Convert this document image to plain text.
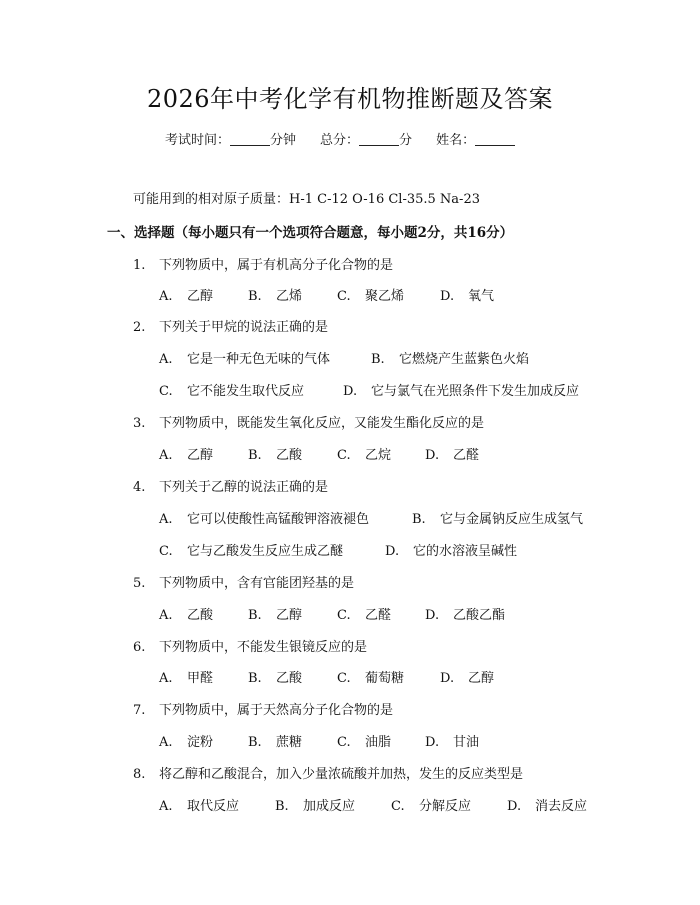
2026年中考化学有机物推断题及答案
考试时间：	分钟 总分：	分 姓名：
可能用到的相对原子质量：H-1 C-12 O-16 Cl-35.5 Na-23
一、选择题（每小题只有一个选项符合题意，每小题2分，共16分）
1. 下列物质中，属于有机高分子化合物的是
A. 乙醇	B. 乙烯	C. 聚乙烯	D. 氧气
2. 下列关于甲烷的说法正确的是
A. 它是一种无色无味的气体	B. 它燃烧产生蓝紫色火焰
C. 它不能发生取代反应	D. 它与氯气在光照条件下发生加成反应
3. 下列物质中，既能发生氧化反应，又能发生酯化反应的是
A. 乙醇	B. 乙酸	C. 乙烷	D. 乙醛
4. 下列关于乙醇的说法正确的是
A. 它可以使酸性高锰酸钾溶液褪色	B. 它与金属钠反应生成氢气
C. 它与乙酸发生反应生成乙醚	D. 它的水溶液呈碱性
5. 下列物质中，含有官能团羟基的是
A. 乙酸	B. 乙醇	C. 乙醛	D. 乙酸乙酯
6. 下列物质中，不能发生银镜反应的是
A. 甲醛	B. 乙酸	C. 葡萄糖	D. 乙醇
7. 下列物质中，属于天然高分子化合物的是
A. 淀粉	B. 蔗糖	C. 油脂	D. 甘油
8. 将乙醇和乙酸混合，加入少量浓硫酸并加热，发生的反应类型是
A. 取代反应	B. 加成反应	C. 分解反应	D. 消去反应
